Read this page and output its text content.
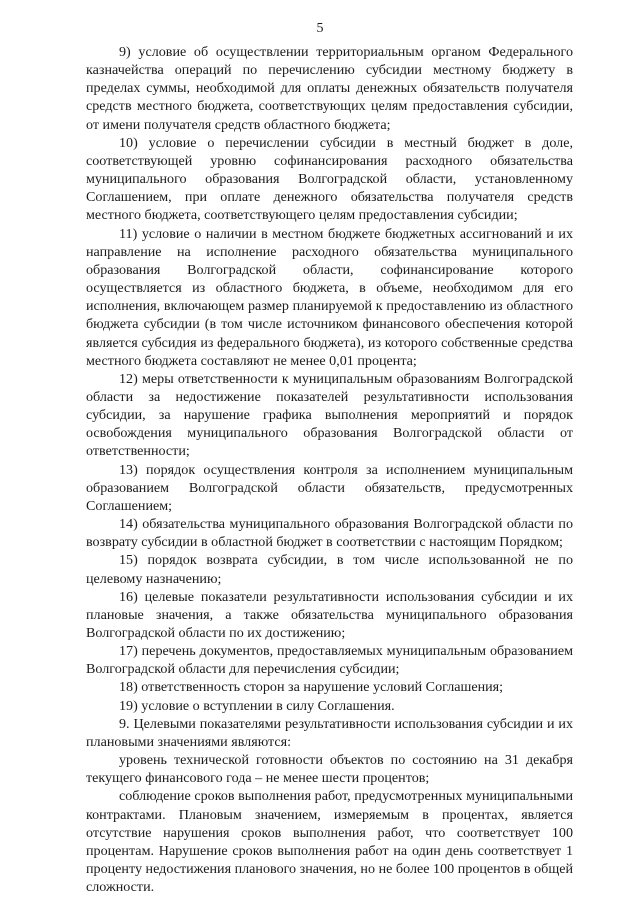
5

9) условие об осуществлении территориальным органом Федерального казначейства операций по перечислению субсидии местному бюджету в пределах суммы, необходимой для оплаты денежных обязательств получателя средств местного бюджета, соответствующих целям предоставления субсидии, от имени получателя средств областного бюджета;

10) условие о перечислении субсидии в местный бюджет в доле, соответствующей уровню софинансирования расходного обязательства муниципального образования Волгоградской области, установленному Соглашением, при оплате денежного обязательства получателя средств местного бюджета, соответствующего целям предоставления субсидии;

11) условие о наличии в местном бюджете бюджетных ассигнований и их направление на исполнение расходного обязательства муниципального образования Волгоградской области, софинансирование которого осуществляется из областного бюджета, в объеме, необходимом для его исполнения, включающем размер планируемой к предоставлению из областного бюджета субсидии (в том числе источником финансового обеспечения которой является субсидия из федерального бюджета), из которого собственные средства местного бюджета составляют не менее 0,01 процента;

12) меры ответственности к муниципальным образованиям Волгоградской области за недостижение показателей результативности использования субсидии, за нарушение графика выполнения мероприятий и порядок освобождения муниципального образования Волгоградской области от ответственности;

13) порядок осуществления контроля за исполнением муниципальным образованием Волгоградской области обязательств, предусмотренных Соглашением;

14) обязательства муниципального образования Волгоградской области по возврату субсидии в областной бюджет в соответствии с настоящим Порядком;

15) порядок возврата субсидии, в том числе использованной не по целевому назначению;

16) целевые показатели результативности использования субсидии и их плановые значения, а также обязательства муниципального образования Волгоградской области по их достижению;

17) перечень документов, предоставляемых муниципальным образованием Волгоградской области для перечисления субсидии;

18) ответственность сторон за нарушение условий Соглашения;

19) условие о вступлении в силу Соглашения.

9. Целевыми показателями результативности использования субсидии и их плановыми значениями являются:

уровень технической готовности объектов по состоянию на 31 декабря текущего финансового года – не менее шести процентов;

соблюдение сроков выполнения работ, предусмотренных муниципальными контрактами. Плановым значением, измеряемым в процентах, является отсутствие нарушения сроков выполнения работ, что соответствует 100 процентам. Нарушение сроков выполнения работ на один день соответствует 1 проценту недостижения планового значения, но не более 100 процентов в общей сложности.
